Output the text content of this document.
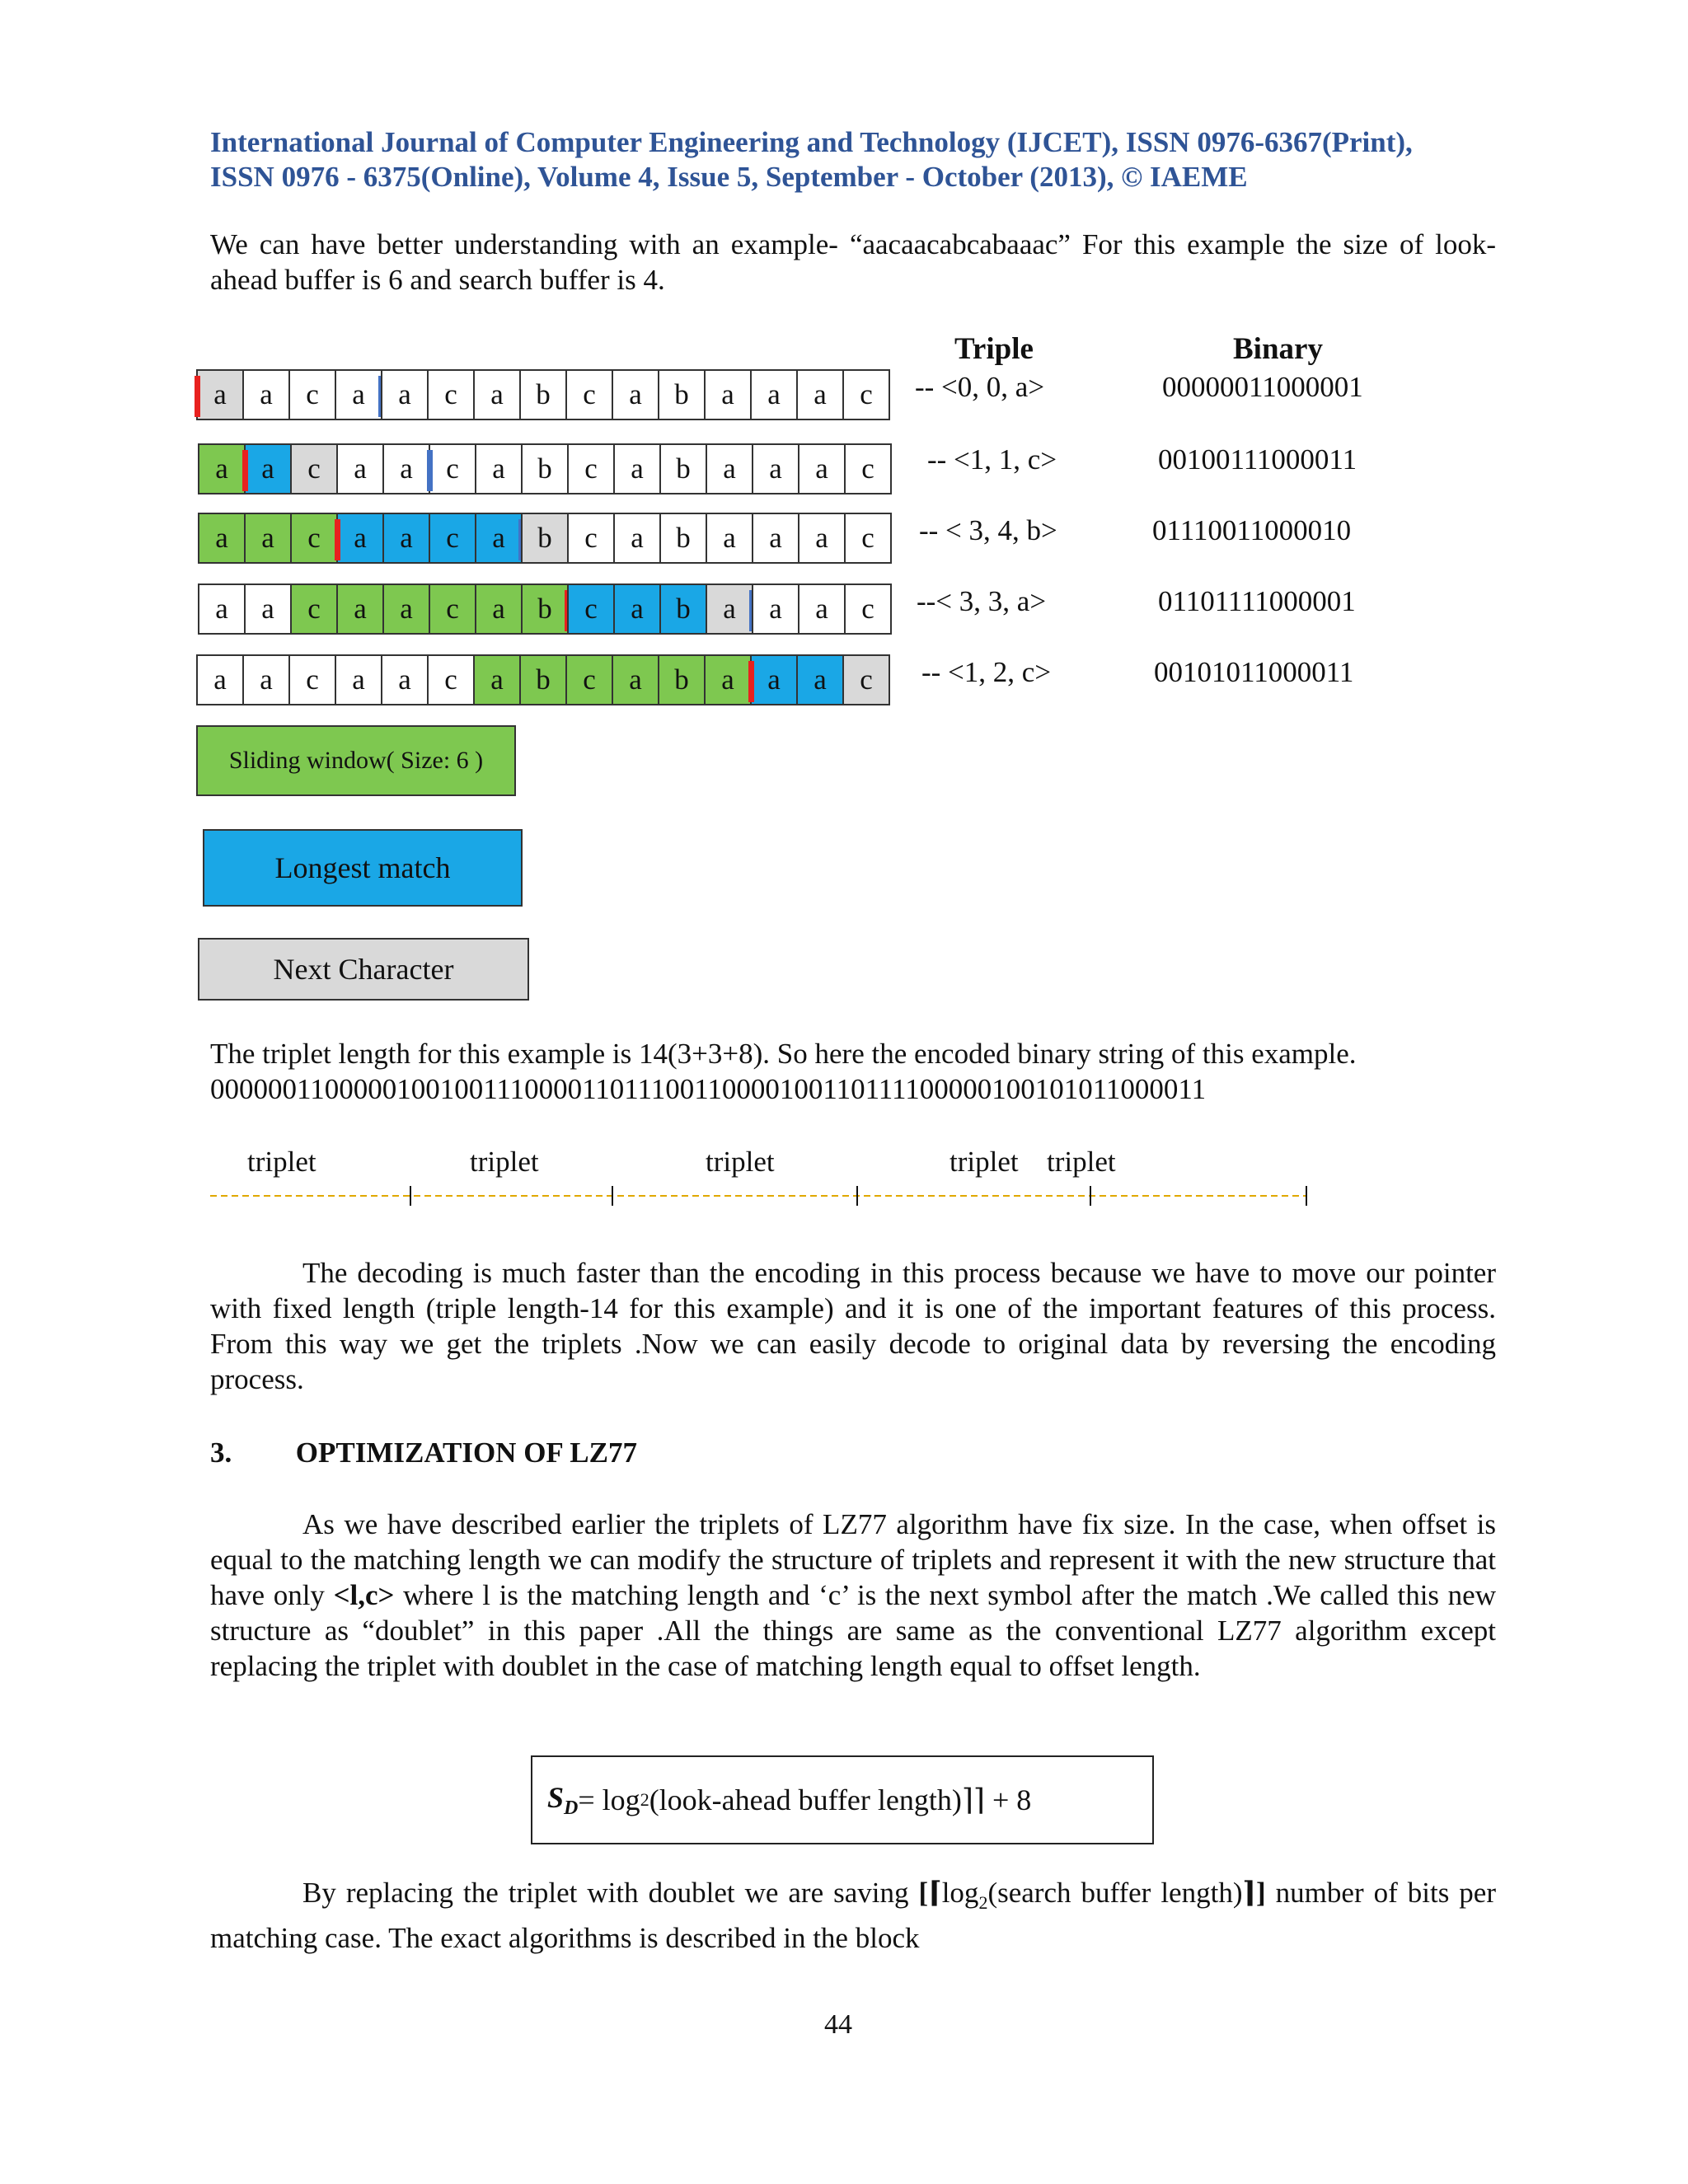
International Journal of Computer Engineering and Technology (IJCET), ISSN 0976-6367(Print),
ISSN 0976 - 6375(Online), Volume 4, Issue 5, September - October (2013), © IAEME
We can have better understanding with an example- “aacaacabcabaaac” For this example the size of look-ahead buffer is 6 and search buffer is 4.
Triple	Binary
a a c a a c a b c a b a a a c -- <0, 0, a>	00000011000001
a a c a a c a b c a b a a a c -- <1, 1, c>	00100111000011
a a c a a c a b c a b a a a c -- < 3, 4, b>	01110011000010
a a c a a c a b c a b a a a c --< 3, 3, a>	01101111000001
a a c a a c a b c a b a a a c -- <1, 2, c>	00101011000011
Sliding window( Size: 6 )
Longest match
Next Character
The triplet length for this example is 14(3+3+8). So here the encoded binary string of this example.
0000001100000100100111000011011100110000100110111100000100101011000011
triplet	triplet	triplet	triplet triplet
The decoding is much faster than the encoding in this process because we have to move our pointer with fixed length (triple length-14 for this example) and it is one of the important features of this process. From this way we get the triplets .Now we can easily decode to original data by reversing the encoding process.
3. OPTIMIZATION OF LZ77
As we have described earlier the triplets of LZ77 algorithm have fix size. In the case, when offset is equal to the matching length we can modify the structure of triplets and represent it with the new structure that have only <l,c> where l is the matching length and ‘c’ is the next symbol after the match .We called this new structure as “doublet” in this paper .All the things are same as the conventional LZ77 algorithm except replacing the triplet with doublet in the case of matching length equal to offset length.
$S_D = \log 2$ (look-ahead buffer length)⌉⌉ + 8
By replacing the triplet with doublet we are saving [$⌈\log_2(search$ buffer length)⌉] number of bits per matching case. The exact algorithms is described in the block
44
